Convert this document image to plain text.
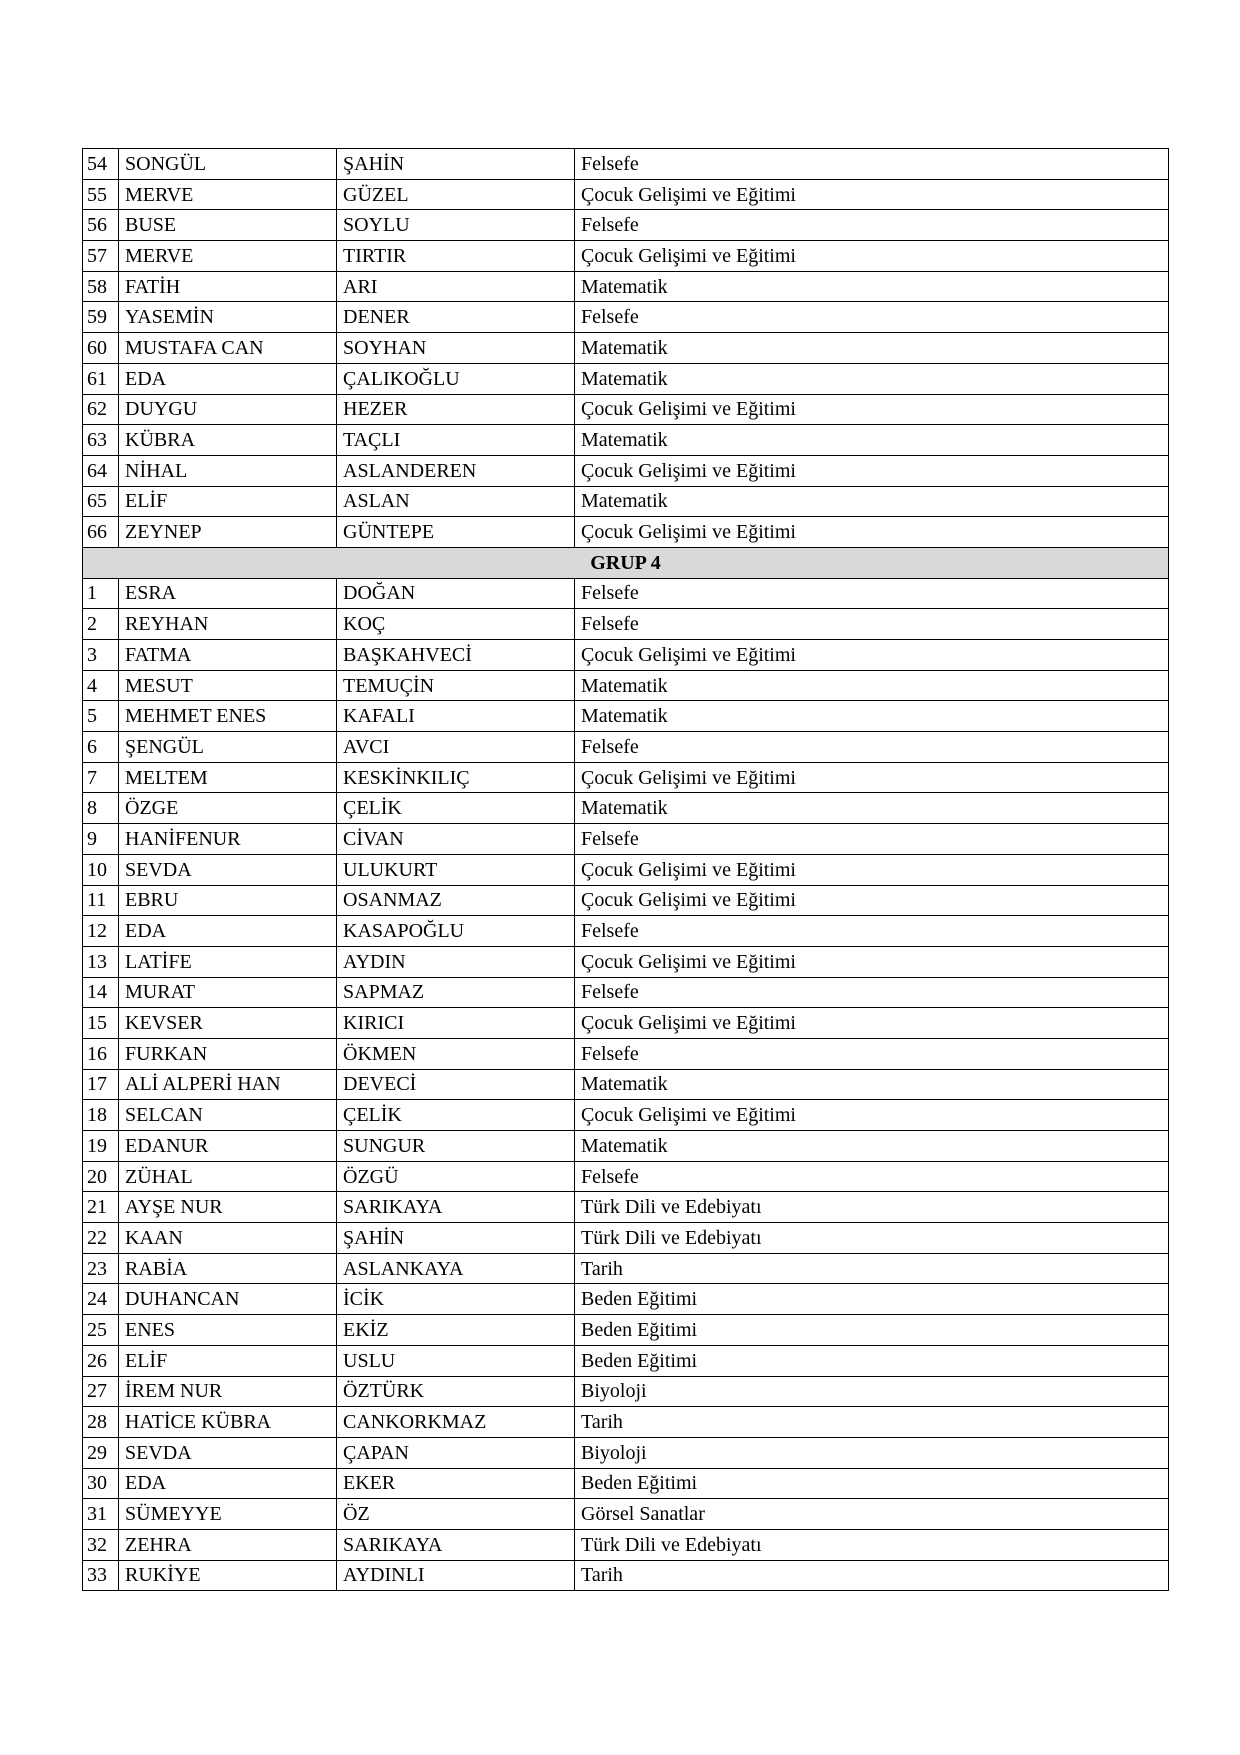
54	SONGÜL	ŞAHİN	Felsefe
55	MERVE	GÜZEL	Çocuk Gelişimi ve Eğitimi
56	BUSE	SOYLU	Felsefe
57	MERVE	TIRTIR	Çocuk Gelişimi ve Eğitimi
58	FATİH	ARI	Matematik
59	YASEMİN	DENER	Felsefe
60	MUSTAFA CAN	SOYHAN	Matematik
61	EDA	ÇALIKOĞLU	Matematik
62	DUYGU	HEZER	Çocuk Gelişimi ve Eğitimi
63	KÜBRA	TAÇLI	Matematik
64	NİHAL	ASLANDEREN	Çocuk Gelişimi ve Eğitimi
65	ELİF	ASLAN	Matematik
66	ZEYNEP	GÜNTEPE	Çocuk Gelişimi ve Eğitimi
GRUP 4			
1	ESRA	DOĞAN	Felsefe
2	REYHAN	KOÇ	Felsefe
3	FATMA	BAŞKAHVECİ	Çocuk Gelişimi ve Eğitimi
4	MESUT	TEMUÇİN	Matematik
5	MEHMET ENES	KAFALI	Matematik
6	ŞENGÜL	AVCI	Felsefe
7	MELTEM	KESKİNKILIÇ	Çocuk Gelişimi ve Eğitimi
8	ÖZGE	ÇELİK	Matematik
9	HANİFENUR	CİVAN	Felsefe
10	SEVDA	ULUKURT	Çocuk Gelişimi ve Eğitimi
11	EBRU	OSANMAZ	Çocuk Gelişimi ve Eğitimi
12	EDA	KASAPOĞLU	Felsefe
13	LATİFE	AYDIN	Çocuk Gelişimi ve Eğitimi
14	MURAT	SAPMAZ	Felsefe
15	KEVSER	KIRICI	Çocuk Gelişimi ve Eğitimi
16	FURKAN	ÖKMEN	Felsefe
17	ALİ ALPERİ HAN	DEVECİ	Matematik
18	SELCAN	ÇELİK	Çocuk Gelişimi ve Eğitimi
19	EDANUR	SUNGUR	Matematik
20	ZÜHAL	ÖZGÜ	Felsefe
21	AYŞE NUR	SARIKAYA	Türk Dili ve Edebiyatı
22	KAAN	ŞAHİN	Türk Dili ve Edebiyatı
23	RABİA	ASLANKAYA	Tarih
24	DUHANCAN	İCİK	Beden Eğitimi
25	ENES	EKİZ	Beden Eğitimi
26	ELİF	USLU	Beden Eğitimi
27	İREM NUR	ÖZTÜRK	Biyoloji
28	HATİCE KÜBRA	CANKORKMAZ	Tarih
29	SEVDA	ÇAPAN	Biyoloji
30	EDA	EKER	Beden Eğitimi
31	SÜMEYYE	ÖZ	Görsel Sanatlar
32	ZEHRA	SARIKAYA	Türk Dili ve Edebiyatı
33	RUKİYE	AYDINLI	Tarih
